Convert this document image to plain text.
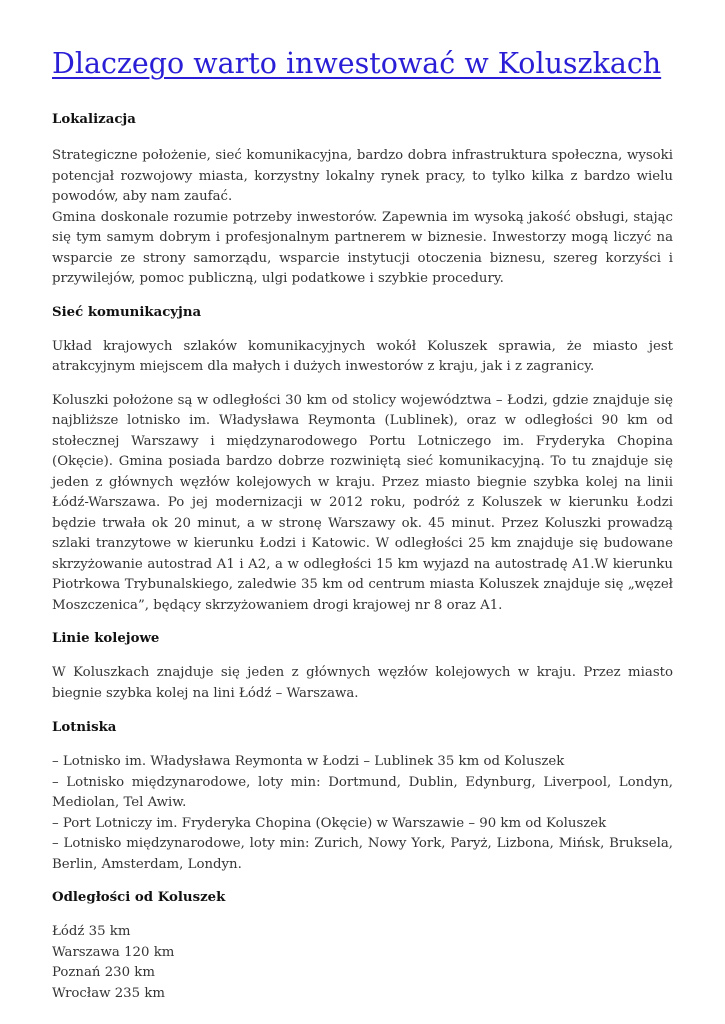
Dlaczego warto inwestować w Koluszkach
Lokalizacja

Strategiczne położenie, sieć komunikacyjna, bardzo dobra infrastruktura społeczna, wysoki potencjał rozwojowy miasta, korzystny lokalny rynek pracy, to tylko kilka z bardzo wielu powodów, aby nam zaufać.

Gmina doskonale rozumie potrzeby inwestorów. Zapewnia im wysoką jakość obsługi, stając się tym samym dobrym i profesjonalnym partnerem w biznesie. Inwestorzy mogą liczyć na wsparcie ze strony samorządu, wsparcie instytucji otoczenia biznesu, szereg korzyści i przywilejów, pomoc publiczną, ulgi podatkowe i szybkie procedury.

Sieć komunikacyjna

Układ krajowych szlaków komunikacyjnych wokół Koluszek sprawia, że miasto jest atrakcyjnym miejscem dla małych i dużych inwestorów z kraju, jak i z zagranicy.

Koluszki położone są w odległości 30 km od stolicy województwa – Łodzi, gdzie znajduje się najbliższe lotnisko im. Władysława Reymonta (Lublinek), oraz w odległości 90 km od stołecznej Warszawy i międzynarodowego Portu Lotniczego im. Fryderyka Chopina (Okęcie). Gmina posiada bardzo dobrze rozwiniętą sieć komunikacyjną. To tu znajduje się jeden z głównych węzłów kolejowych w kraju. Przez miasto biegnie szybka kolej na linii Łódź-Warszawa. Po jej modernizacji w 2012 roku, podróż z Koluszek w kierunku Łodzi będzie trwała ok 20 minut, a w stronę Warszawy ok. 45 minut. Przez Koluszki prowadzą szlaki tranzytowe w kierunku Łodzi i Katowic. W odległości 25 km znajduje się budowane skrzyżowanie autostrad A1 i A2, a w odległości 15 km wyjazd na autostradę A1.W kierunku Piotrkowa Trybunalskiego, zaledwie 35 km od centrum miasta Koluszek znajduje się „węzeł Moszczenica”, będący skrzyżowaniem drogi krajowej nr 8 oraz A1.

Linie kolejowe

W Koluszkach znajduje się jeden z głównych węzłów kolejowych w kraju. Przez miasto biegnie szybka kolej na lini Łódź – Warszawa.

Lotniska

– Lotnisko im. Władysława Reymonta w Łodzi – Lublinek 35 km od Koluszek

– Lotnisko międzynarodowe, loty min: Dortmund, Dublin, Edynburg, Liverpool, Londyn, Mediolan, Tel Awiw.

– Port Lotniczy im. Fryderyka Chopina (Okęcie) w Warszawie – 90 km od Koluszek

– Lotnisko międzynarodowe, loty min: Zurich, Nowy York, Paryż, Lizbona, Mińsk, Bruksela, Berlin, Amsterdam, Londyn.

Odległości od Koluszek

Łódź 35 km

Warszawa 120 km

Poznań 230 km

Wrocław 235 km
